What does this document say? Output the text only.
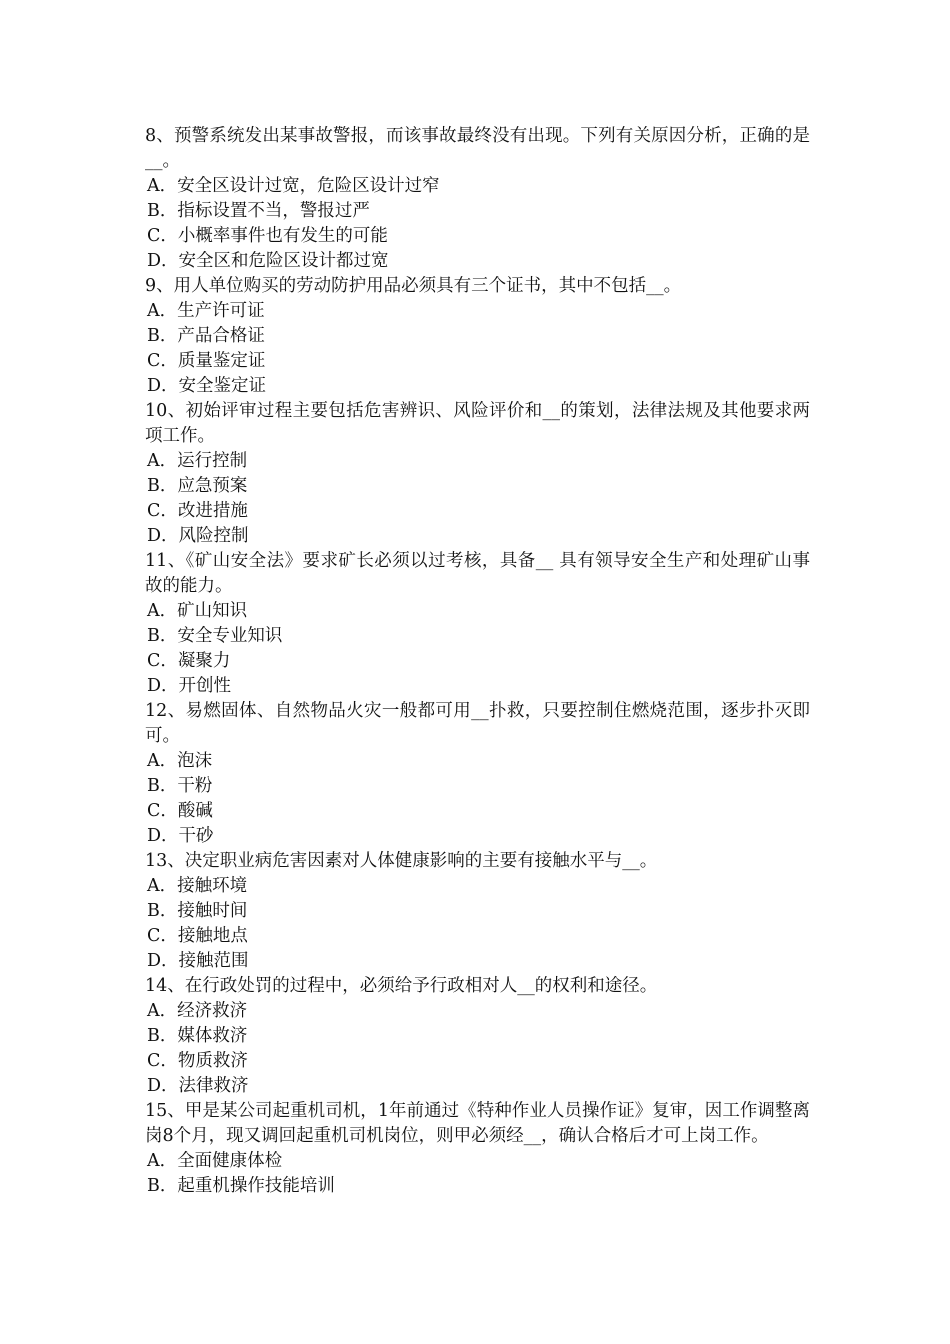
8、预警系统发出某事故警报，而该事故最终没有出现。下列有关原因分析，正确的是__。

A．安全区设计过宽，危险区设计过窄

B．指标设置不当，警报过严

C．小概率事件也有发生的可能

D．安全区和危险区设计都过宽

9、用人单位购买的劳动防护用品必须具有三个证书，其中不包括__。

A．生产许可证

B．产品合格证

C．质量鉴定证

D．安全鉴定证

10、初始评审过程主要包括危害辨识、风险评价和__的策划，法律法规及其他要求两项工作。

A．运行控制

B．应急预案

C．改进措施

D．风险控制

11、《矿山安全法》要求矿长必须以过考核，具备__ 具有领导安全生产和处理矿山事故的能力。

A．矿山知识

B．安全专业知识

C．凝聚力

D．开创性

12、易燃固体、自然物品火灾一般都可用__扑救，只要控制住燃烧范围，逐步扑灭即可。

A．泡沫

B．干粉

C．酸碱

D．干砂

13、决定职业病危害因素对人体健康影响的主要有接触水平与__。

A．接触环境

B．接触时间

C．接触地点

D．接触范围

14、在行政处罚的过程中，必须给予行政相对人__的权利和途径。

A．经济救济

B．媒体救济

C．物质救济

D．法律救济

15、甲是某公司起重机司机，1年前通过《特种作业人员操作证》复审，因工作调整离岗8个月，现又调回起重机司机岗位，则甲必须经__，确认合格后才可上岗工作。

A．全面健康体检

B．起重机操作技能培训
